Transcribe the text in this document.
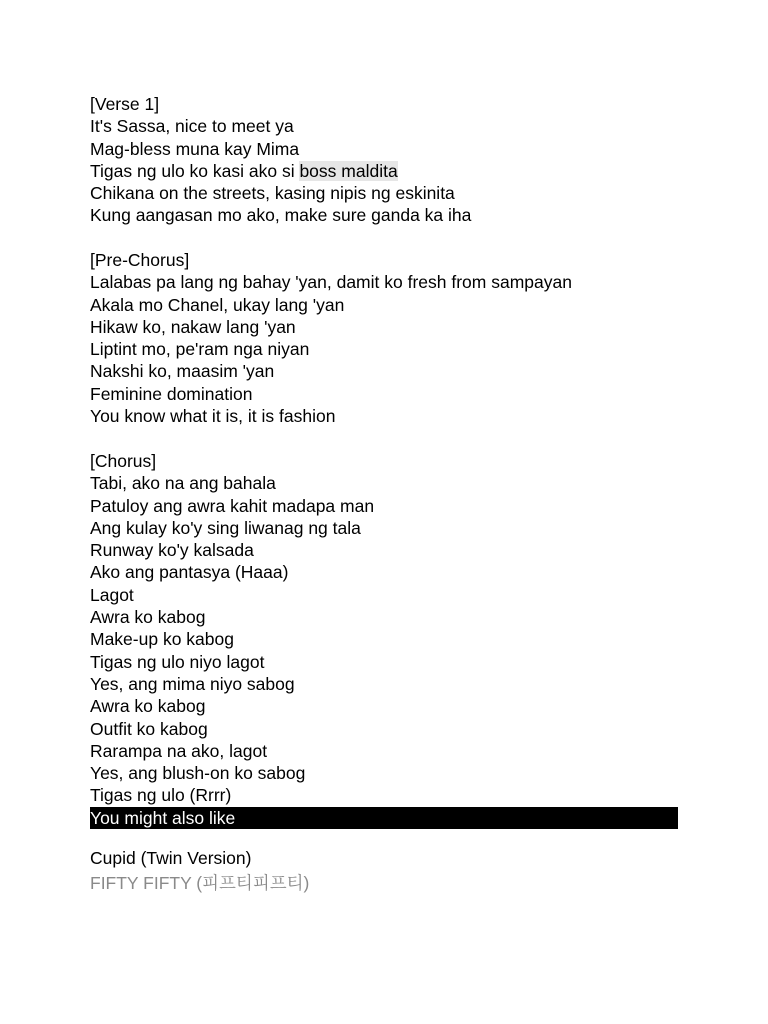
[Verse 1]
It's Sassa, nice to meet ya
Mag-bless muna kay Mima
Tigas ng ulo ko kasi ako si boss maldita
Chikana on the streets, kasing nipis ng eskinita
Kung aangasan mo ako, make sure ganda ka iha
[Pre-Chorus]
Lalabas pa lang ng bahay 'yan, damit ko fresh from sampayan
Akala mo Chanel, ukay lang 'yan
Hikaw ko, nakaw lang 'yan
Liptint mo, pe'ram nga niyan
Nakshi ko, maasim 'yan
Feminine domination
You know what it is, it is fashion
[Chorus]
Tabi, ako na ang bahala
Patuloy ang awra kahit madapa man
Ang kulay ko'y sing liwanag ng tala
Runway ko'y kalsada
Ako ang pantasya (Haaa)
Lagot
Awra ko kabog
Make-up ko kabog
Tigas ng ulo niyo lagot
Yes, ang mima niyo sabog
Awra ko kabog
Outfit ko kabog
Rarampa na ako, lagot
Yes, ang blush-on ko sabog
Tigas ng ulo (Rrrr)
You might also like
Cupid (Twin Version)
FIFTY FIFTY (피프티피프티)
